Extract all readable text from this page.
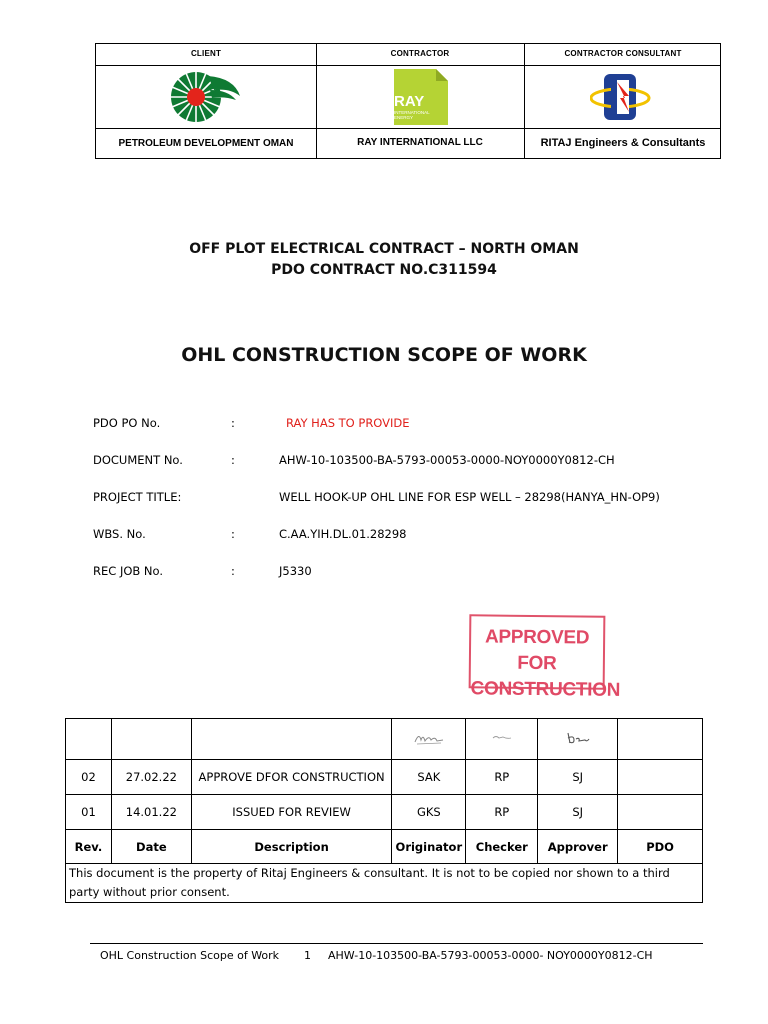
CLIENT	CONTRACTOR	CONTRACTOR CONSULTANT
RAY
INTERNATIONAL ENERGY
PETROLEUM DEVELOPMENT OMAN	RAY INTERNATIONAL LLC	RITAJ Engineers & Consultants
OFF PLOT ELECTRICAL CONTRACT – NORTH OMAN
PDO CONTRACT NO.C311594
OHL CONSTRUCTION SCOPE OF WORK
PDO PO No.	:	RAY HAS TO PROVIDE
DOCUMENT No.	:	AHW-10-103500-BA-5793-00053-0000-NOY0000Y0812-CH
PROJECT TITLE:	WELL HOOK-UP OHL LINE FOR ESP WELL – 28298(HANYA_HN-OP9)
WBS. No.	:	C.AA.YIH.DL.01.28298
REC JOB No.	:	J5330
APPROVED FOR
CONSTRUCTION

02	27.02.22	APPROVE DFOR CONSTRUCTION	SAK	RP	SJ	
01	14.01.22	ISSUED FOR REVIEW	GKS	RP	SJ	
Rev.	Date	Description	Originator	Checker	Approver	PDO
This document is the property of Ritaj Engineers & consultant. It is not to be copied nor shown to a third party without prior consent.						
OHL Construction Scope of Work 1 AHW-10-103500-BA-5793-00053-0000- NOY0000Y0812-CH
